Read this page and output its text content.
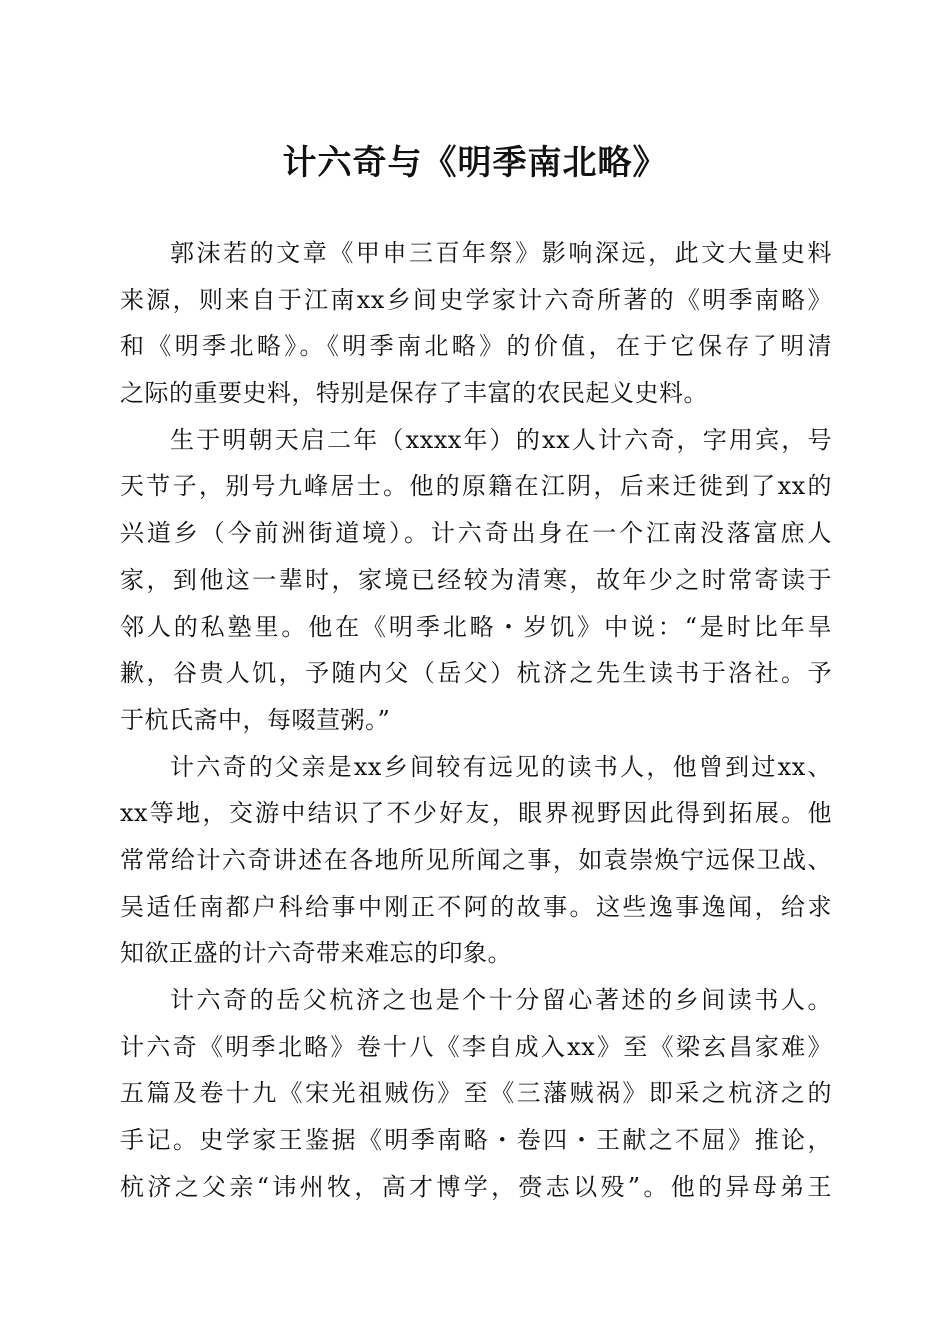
计六奇与《明季南北略》
郭沫若的文章《甲申三百年祭》影响深远，此文大量史料
来源，则来自于江南xx乡间史学家计六奇所著的《明季南略》
和《明季北略》。《明季南北略》的价值，在于它保存了明清
之际的重要史料，特别是保存了丰富的农民起义史料。
生于明朝天启二年（xxxx年）的xx人计六奇，字用宾，号
天节子，别号九峰居士。他的原籍在江阴，后来迁徙到了xx的
兴道乡（今前洲街道境）。计六奇出身在一个江南没落富庶人
家，到他这一辈时，家境已经较为清寒，故年少之时常寄读于
邻人的私塾里。他在《明季北略・岁饥》中说：“是时比年旱
歉，谷贵人饥，予随内父（岳父）杭济之先生读书于洛社。予
于杭氏斋中，每啜荁粥。”
计六奇的父亲是xx乡间较有远见的读书人，他曾到过xx、
xx等地，交游中结识了不少好友，眼界视野因此得到拓展。他
常常给计六奇讲述在各地所见所闻之事，如袁崇焕宁远保卫战、
吴适任南都户科给事中刚正不阿的故事。这些逸事逸闻，给求
知欲正盛的计六奇带来难忘的印象。
计六奇的岳父杭济之也是个十分留心著述的乡间读书人。
计六奇《明季北略》卷十八《李自成入xx》至《梁玄昌家难》
五篇及卷十九《宋光祖贼伤》至《三藩贼祸》即采之杭济之的
手记。史学家王鉴据《明季南略・卷四・王献之不屈》推论，
杭济之父亲“讳州牧，高才博学，赍志以殁”。他的异母弟王
